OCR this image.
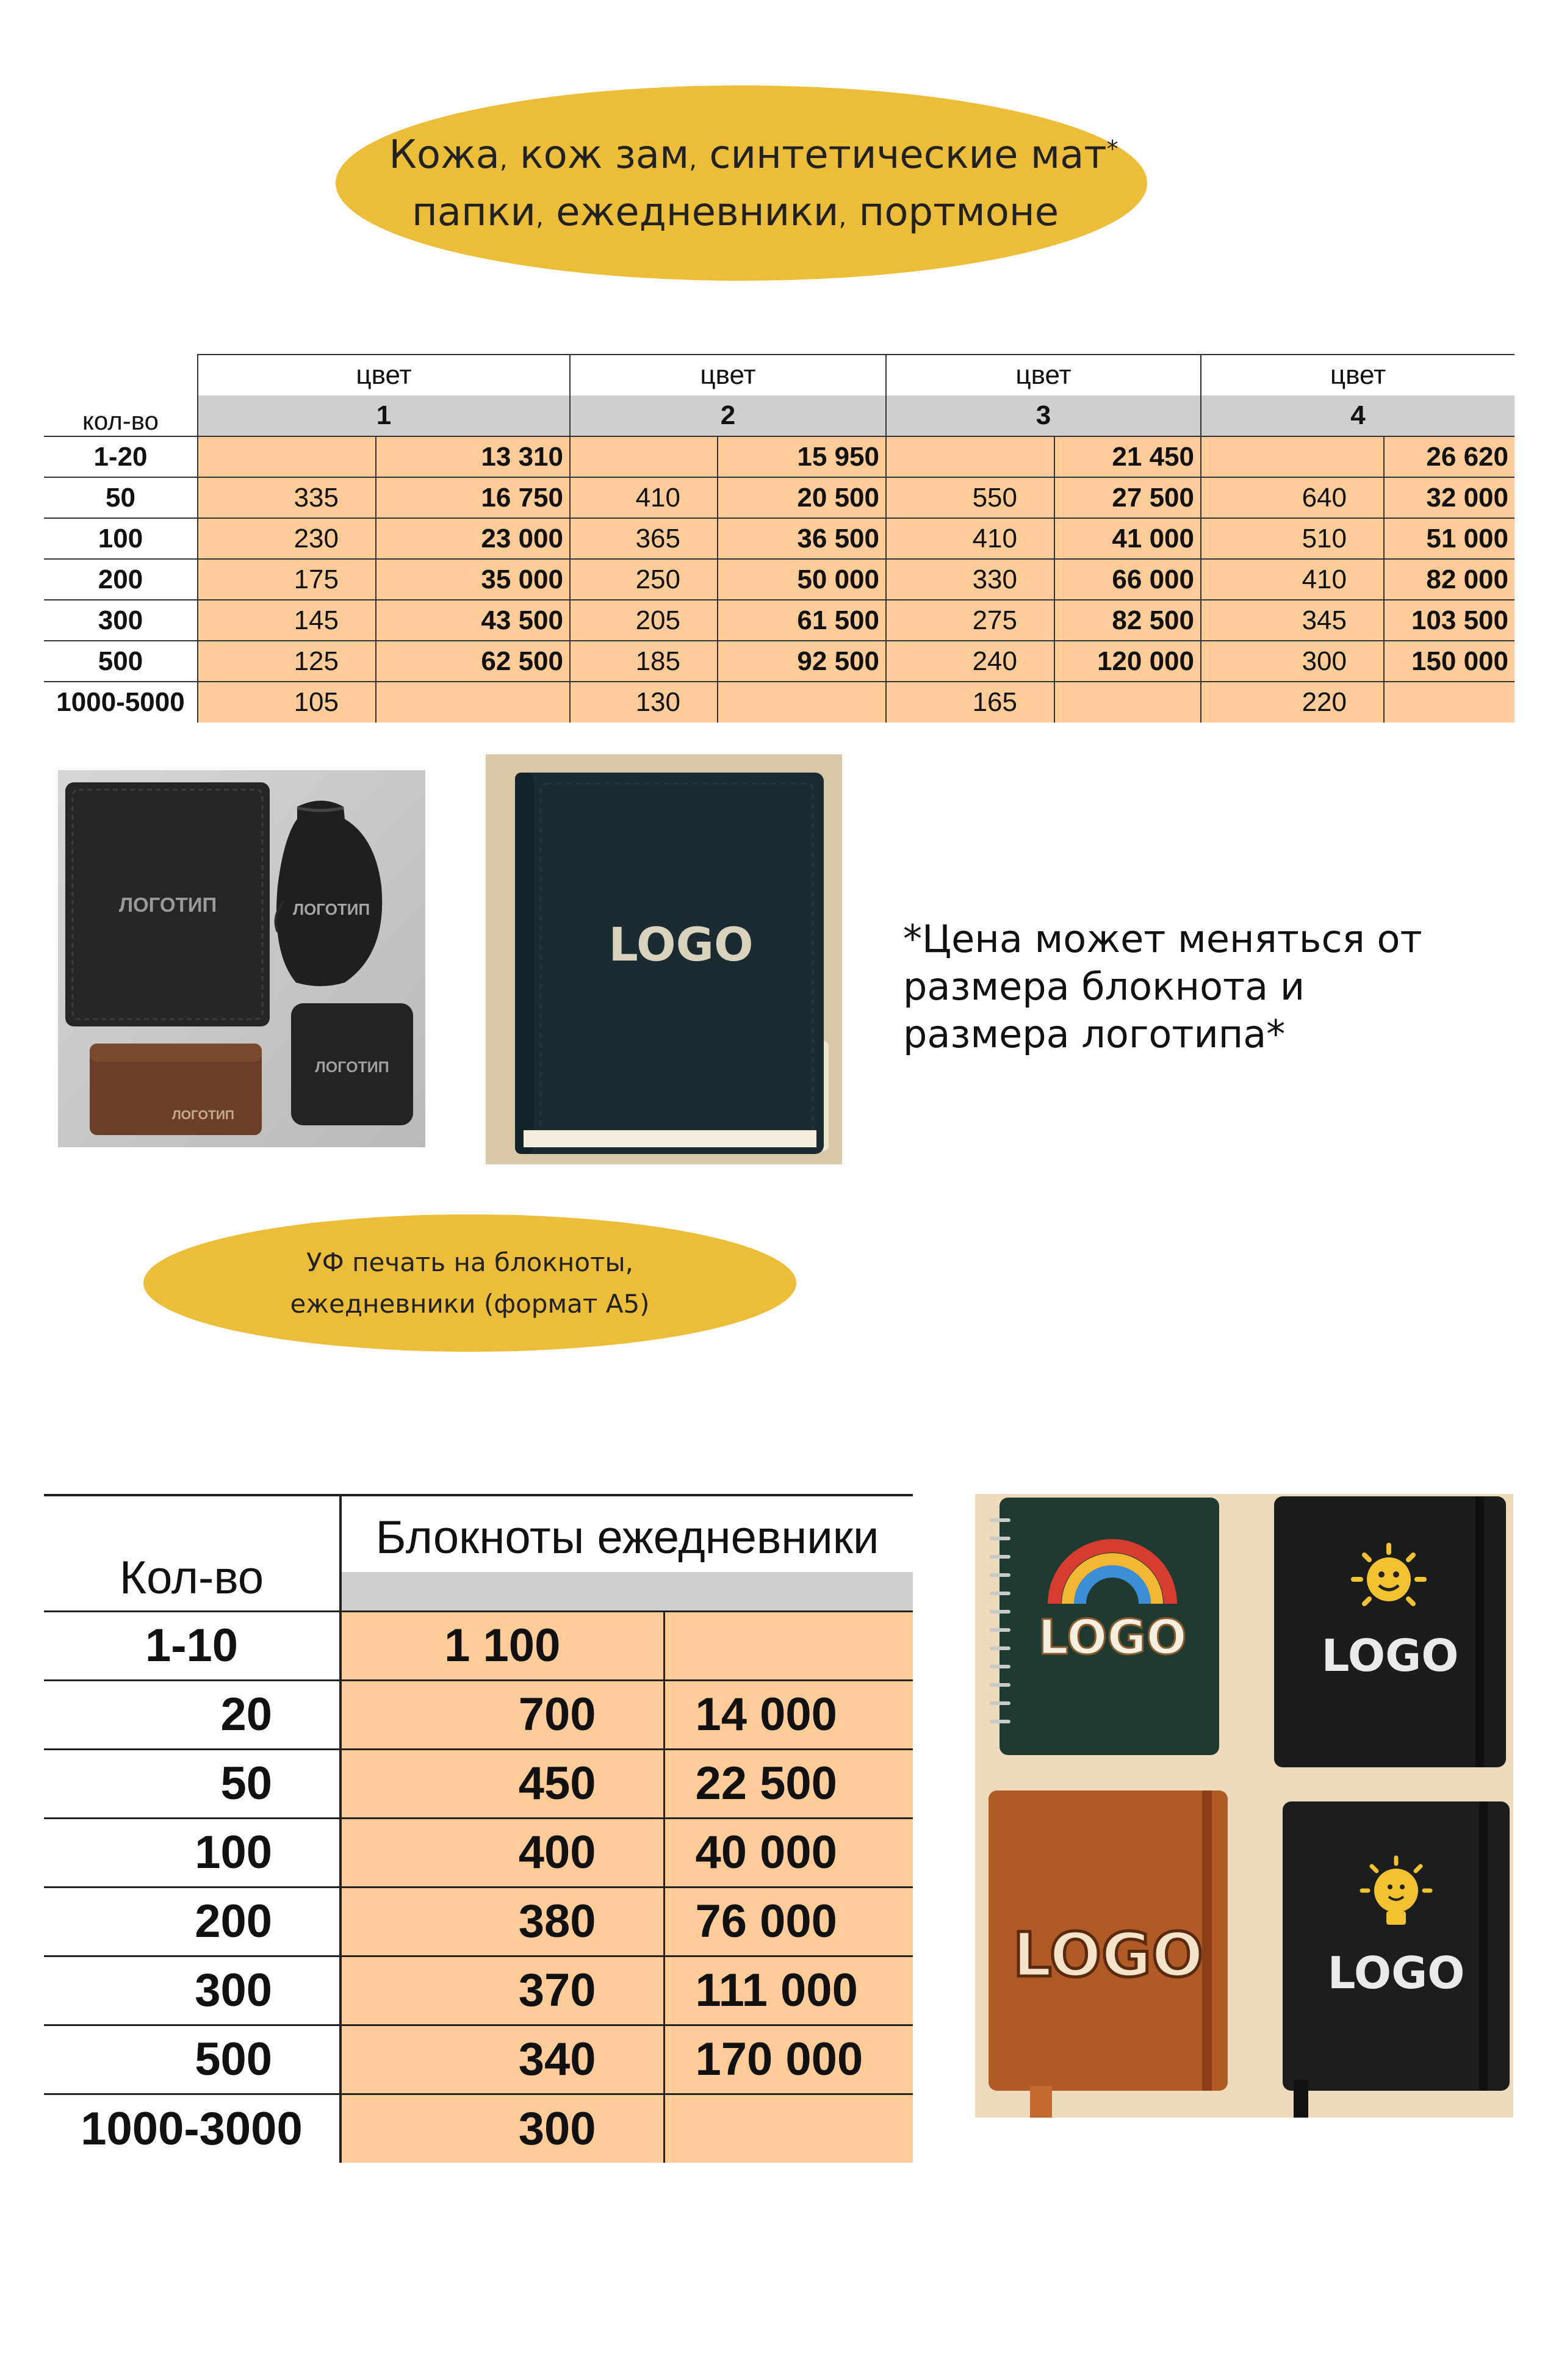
Кожа, кож зам, синтетические мат*
папки, ежедневники, портмоне
кол-во	цвет		цвет		цвет		цвет	
	1		2		3		4	
1-20		13 310		15 950		21 450		26 620
50	335	16 750	410	20 500	550	27 500	640	32 000
100	230	23 000	365	36 500	410	41 000	510	51 000
200	175	35 000	250	50 000	330	66 000	410	82 000
300	145	43 500	205	61 500	275	82 500	345	103 500
500	125	62 500	185	92 500	240	120 000	300	150 000
1000-5000	105		130		165		220	
ЛОГОТИП	ЛОГОТИП
ЛОГОТИП
ЛОГОТИП
LOGO	*Цена может меняться от
размера блокнота и
размера логотипа*
УФ печать на блокноты,
ежедневники (формат А5)
Кол-во	Блокноты ежедневники	

1-10	1 100	
20	700	14 000
50	450	22 500
100	400	40 000
200	380	76 000
300	370	111 000
500	340	170 000
1000-3000	300	
LOGO	LOGO
LOGO	LOGO
